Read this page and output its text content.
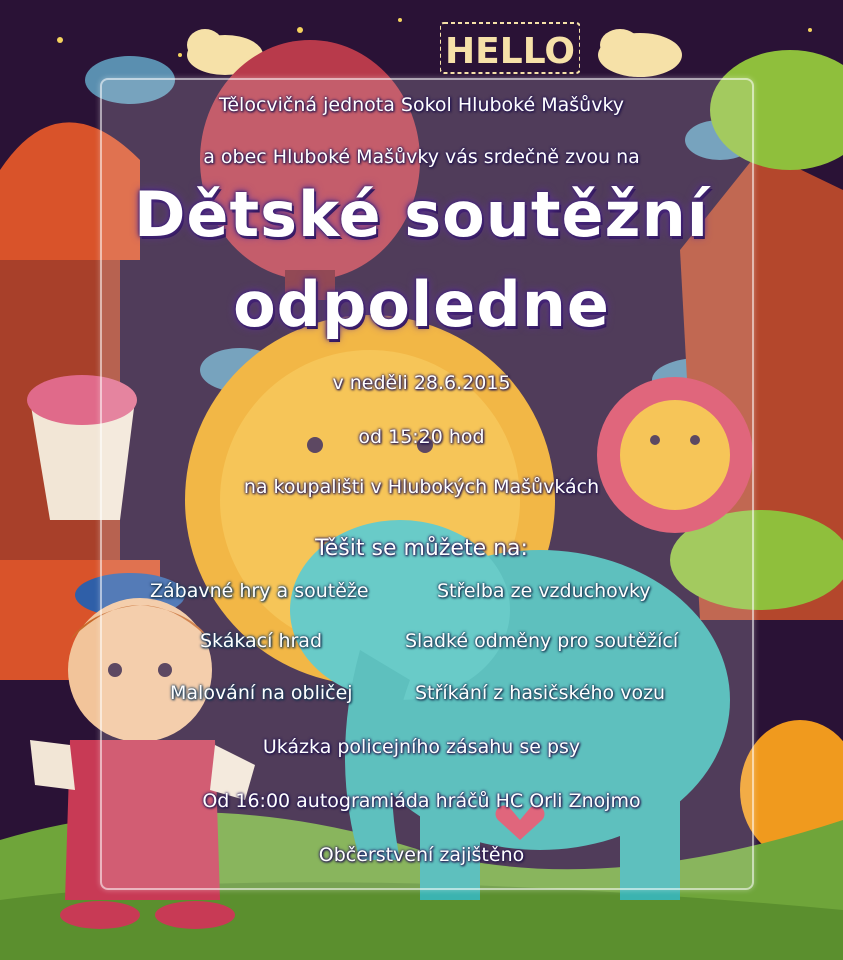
HELLO
Tělocvičná jednota Sokol Hluboké Mašůvky
a obec Hluboké Mašůvky vás srdečně zvou na
Dětské soutěžní
odpoledne
v neděli 28.6.2015
od 15:20 hod
na koupališti v Hlubokých Mašůvkách
Těšit se můžete na:
Zábavné hry a soutěže	Střelba ze vzduchovky
Skákací hrad	Sladké odměny pro soutěžící
Malování na obličej	Stříkání z hasičského vozu
Ukázka policejního zásahu se psy
Od 16:00 autogramiáda hráčů HC Orli Znojmo
Občerstvení zajištěno
